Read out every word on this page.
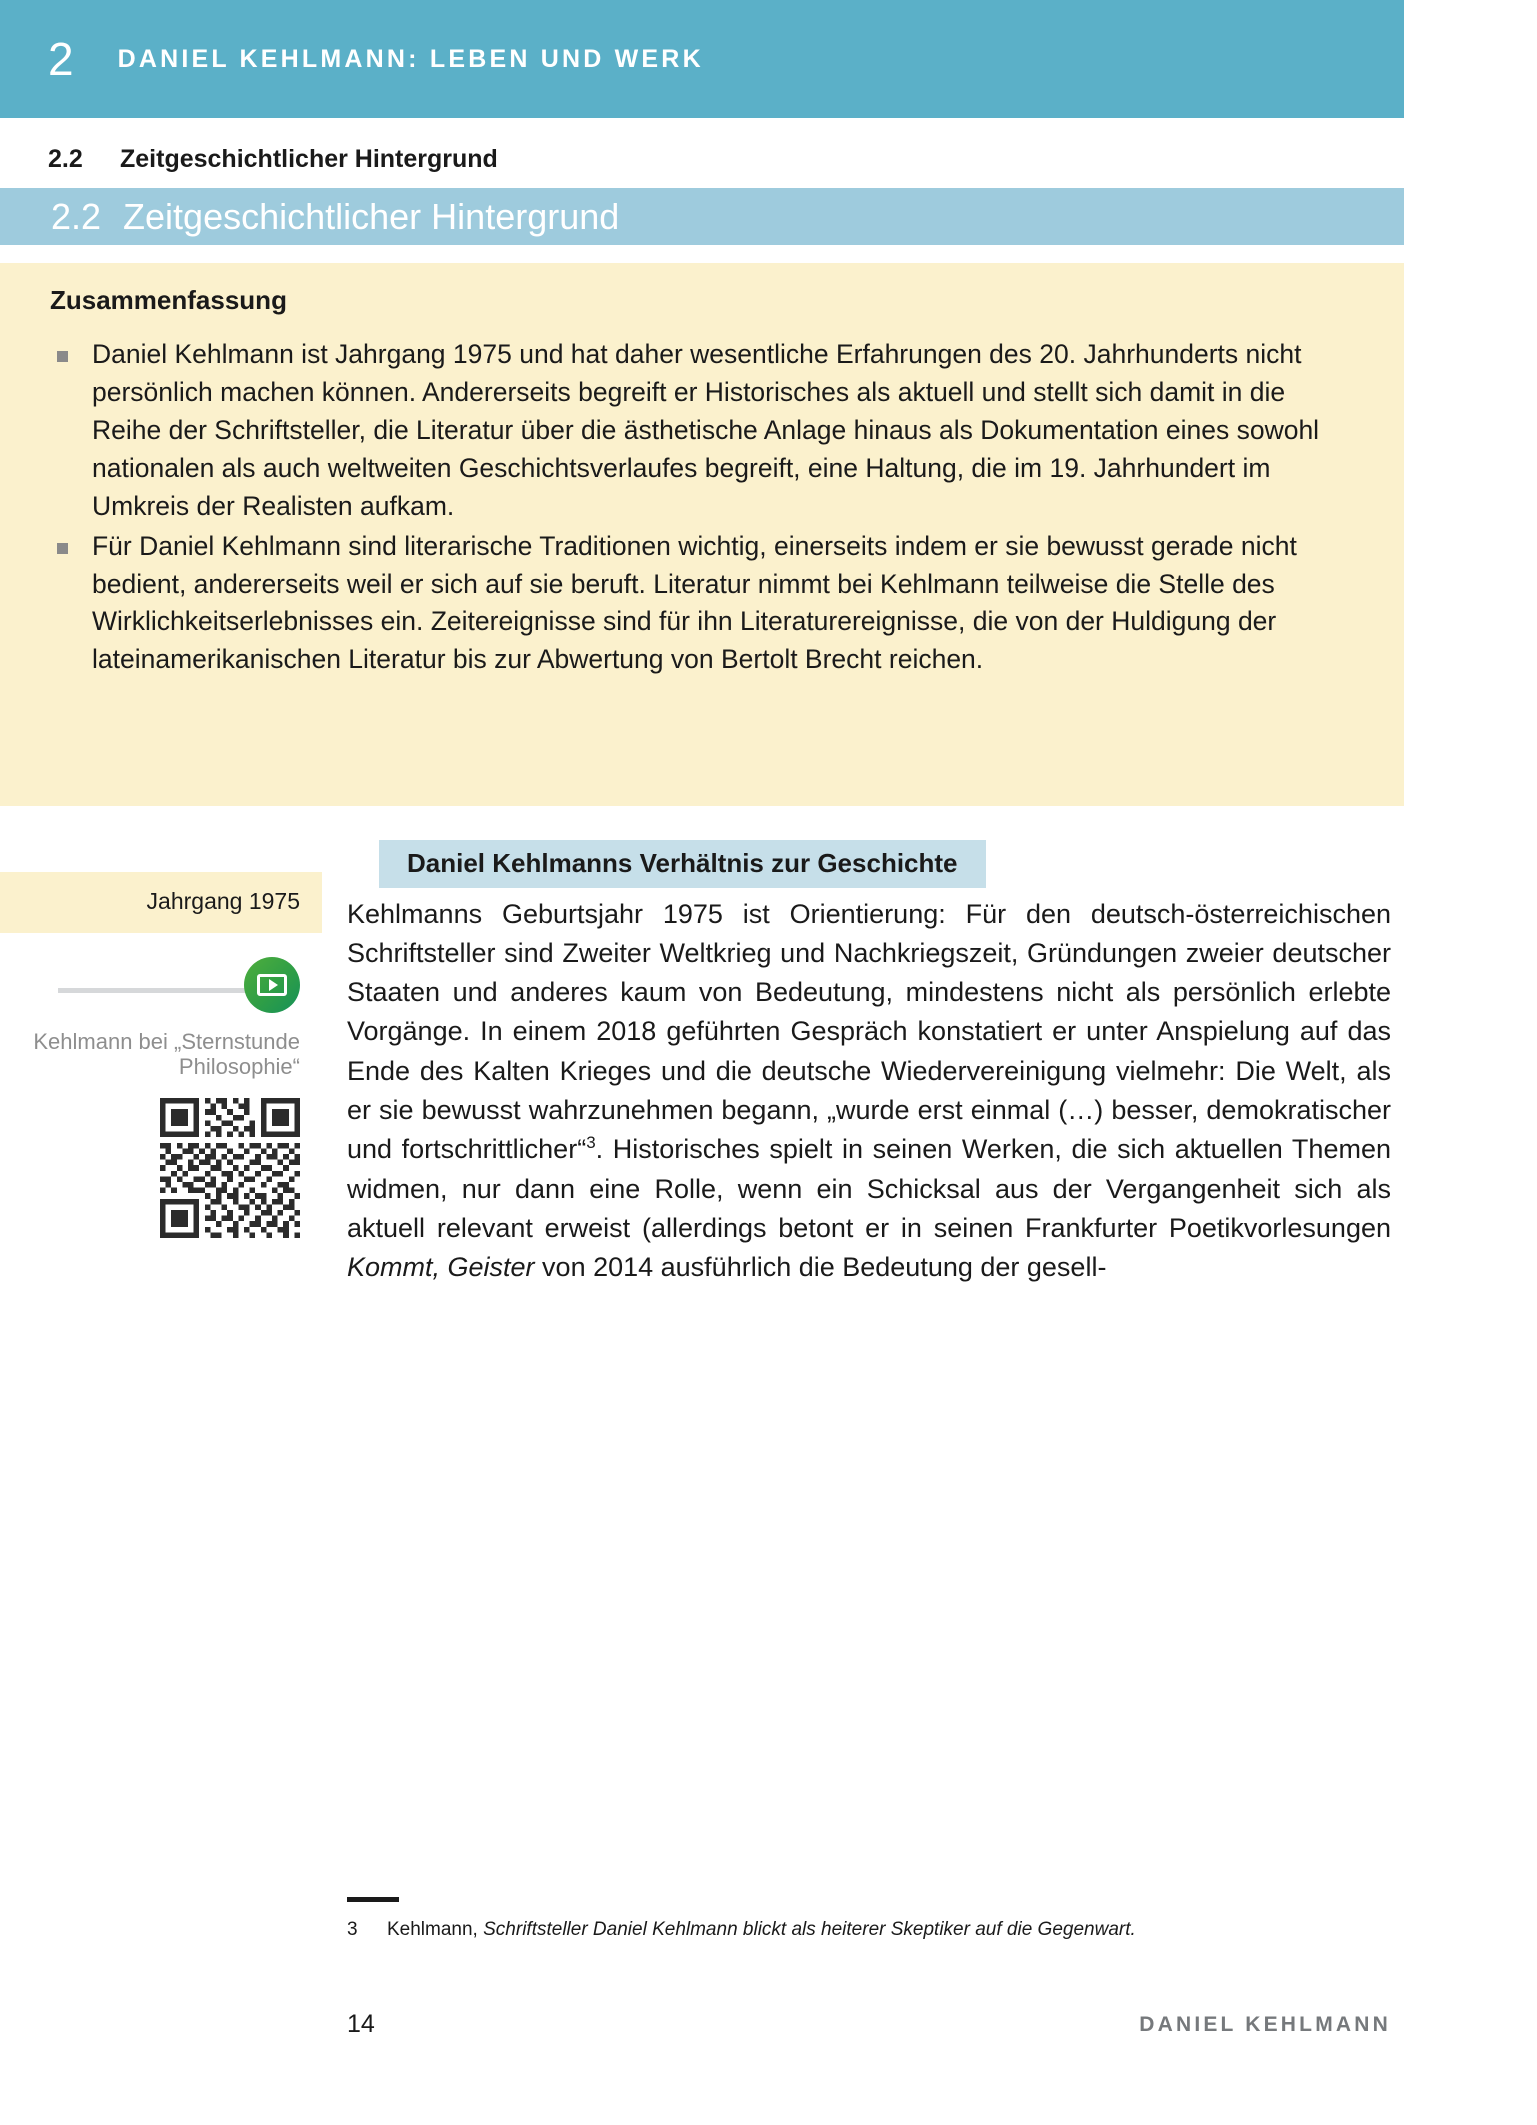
2 DANIEL KEHLMANN: LEBEN UND WERK
2.2	Zeitgeschichtlicher Hintergrund
2.2 Zeitgeschichtlicher Hintergrund
Zusammenfassung
Daniel Kehlmann ist Jahrgang 1975 und hat daher wesentliche Erfahrungen des 20. Jahrhunderts nicht persönlich machen können. Andererseits begreift er Historisches als aktuell und stellt sich damit in die Reihe der Schriftsteller, die Literatur über die ästhetische Anlage hinaus als Dokumentation eines sowohl nationalen als auch weltweiten Geschichtsverlaufes begreift, eine Haltung, die im 19. Jahrhundert im Umkreis der Realisten aufkam.
Für Daniel Kehlmann sind literarische Traditionen wichtig, einerseits indem er sie bewusst gerade nicht bedient, andererseits weil er sich auf sie beruft. Literatur nimmt bei Kehlmann teilweise die Stelle des Wirklichkeitserlebnisses ein. Zeitereignisse sind für ihn Literaturereignisse, die von der Huldigung der lateinamerikanischen Literatur bis zur Abwertung von Bertolt Brecht reichen.
Jahrgang 1975
Kehlmann bei „Sternstunde Philosophie“
Daniel Kehlmanns Verhältnis zur Geschichte

Kehlmanns Geburtsjahr 1975 ist Orientierung: Für den deutsch-österreichischen Schriftsteller sind Zweiter Weltkrieg und Nachkriegszeit, Gründungen zweier deutscher Staaten und anderes kaum von Bedeutung, mindestens nicht als persönlich erlebte Vorgänge. In einem 2018 geführten Gespräch konstatiert er unter Anspielung auf das Ende des Kalten Krieges und die deutsche Wiedervereinigung vielmehr: Die Welt, als er sie bewusst wahrzunehmen begann, „wurde erst einmal (…) besser, demokratischer und fortschrittlicher“$^3$. Historisches spielt in seinen Werken, die sich aktuellen Themen widmen, nur dann eine Rolle, wenn ein Schicksal aus der Vergangenheit sich als aktuell relevant erweist (allerdings betont er in seinen Frankfurter Poetikvorlesungen Kommt, Geister von 2014 ausführlich die Bedeutung der gesell-

3	Kehlmann, Schriftsteller Daniel Kehlmann blickt als heiterer Skeptiker auf die Gegenwart.
14	DANIEL KEHLMANN
